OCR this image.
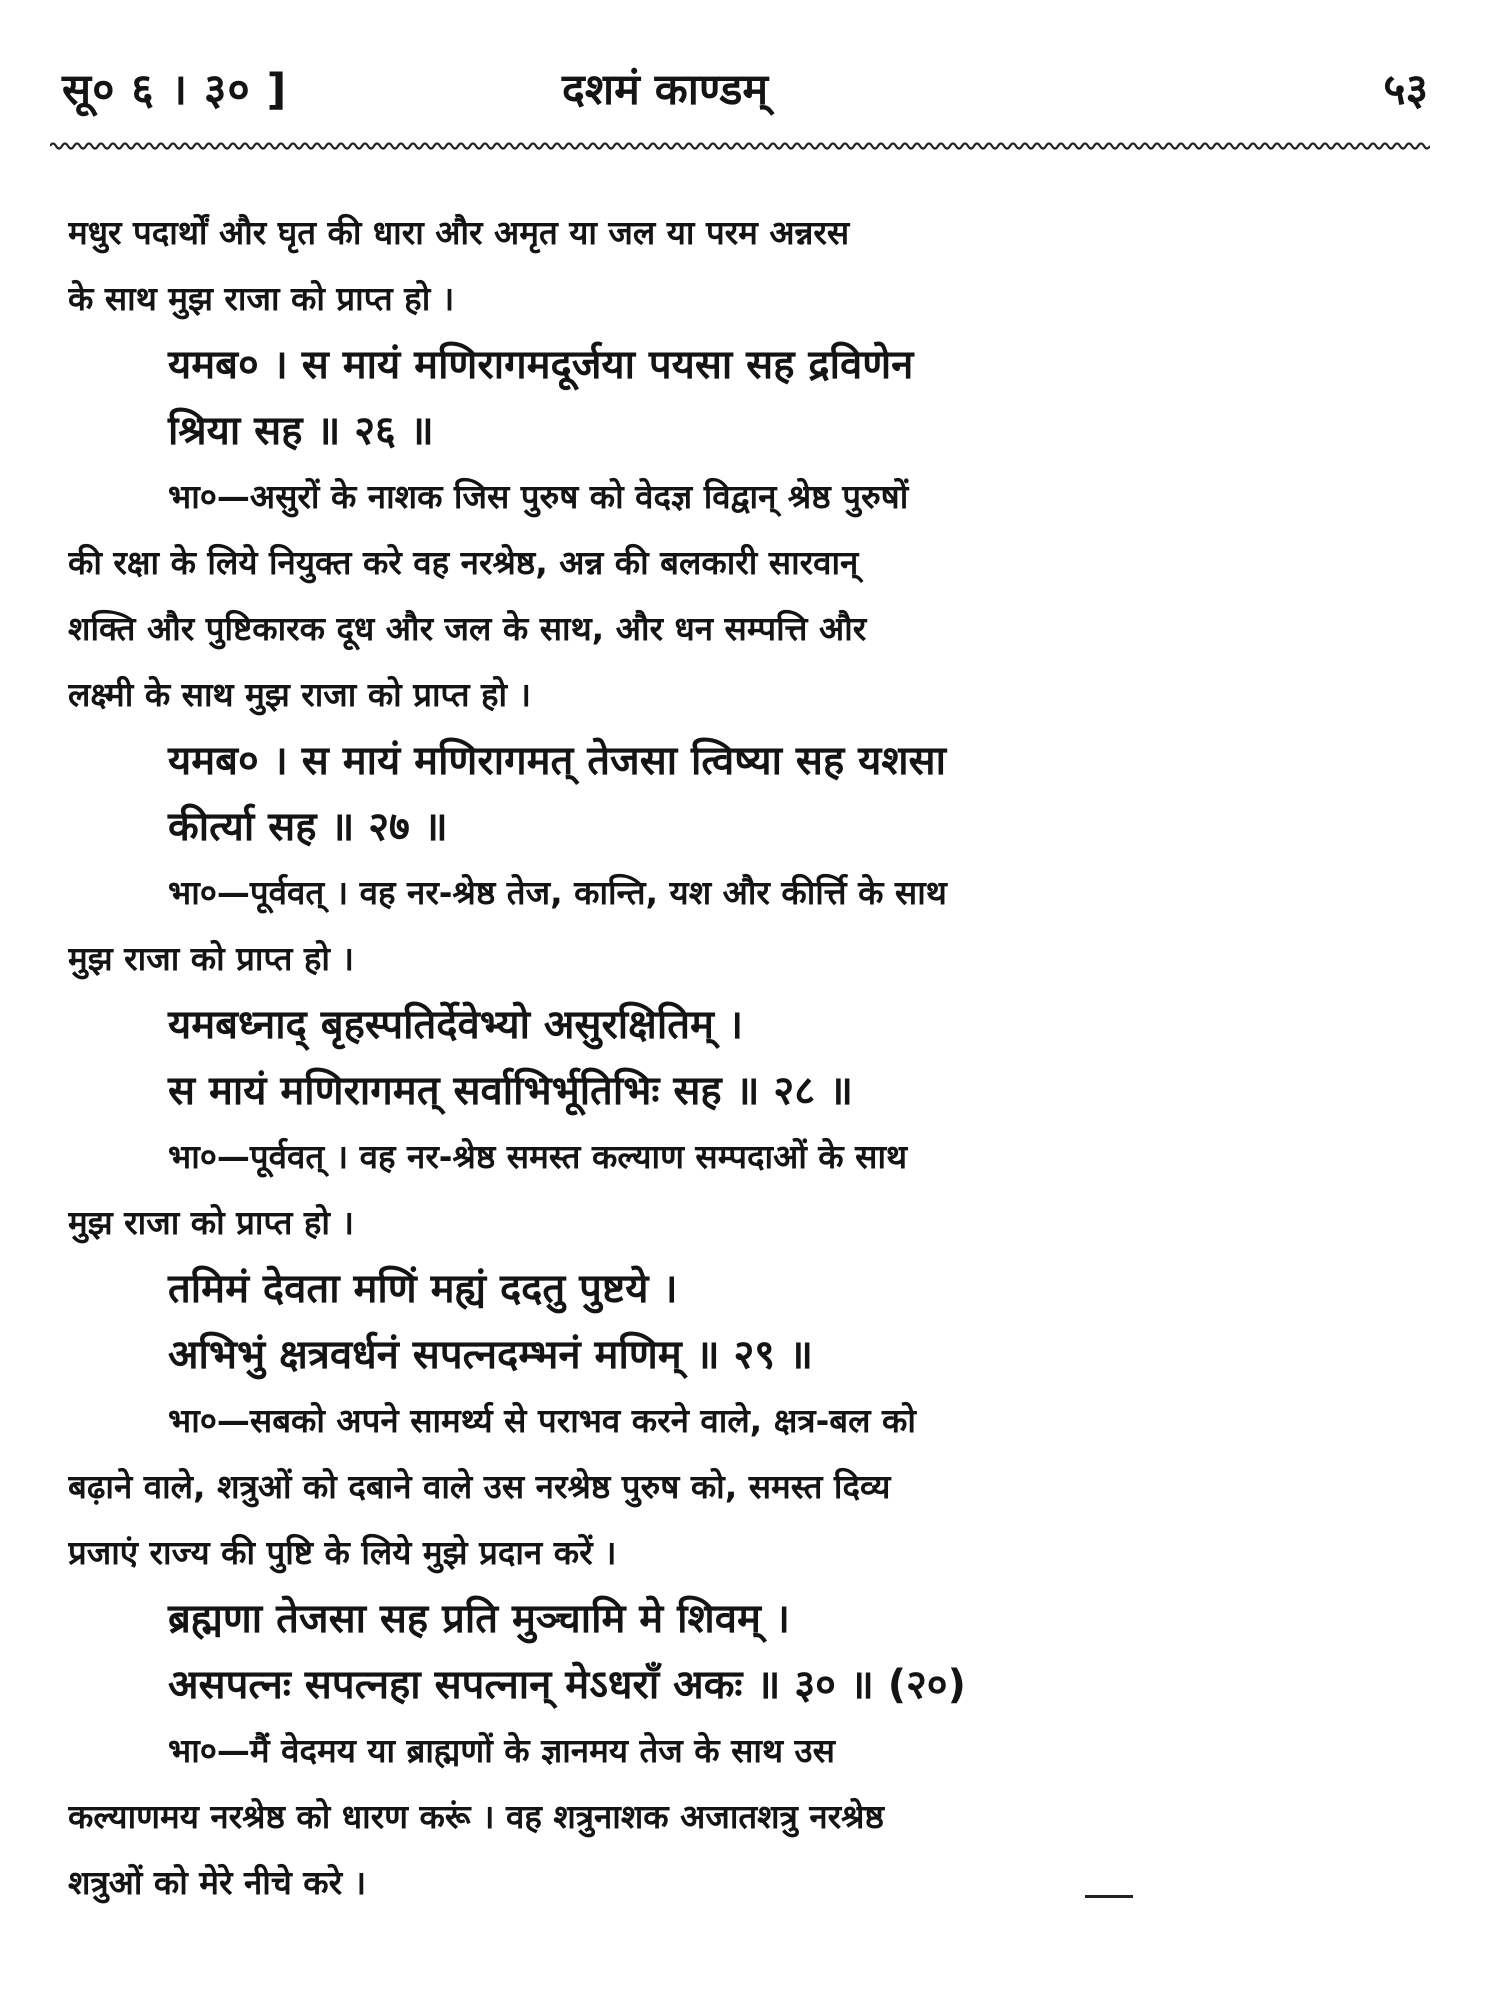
सू० ६ । ३० ]	दशमं काण्डम्	५३
मधुर पदार्थों और घृत की धारा और अमृत या जल या परम अन्नरस
के साथ मुझ राजा को प्राप्त हो ।
यमब० । स मायं मणिरागमदूर्जया पयसा सह द्रविणेन
श्रिया सह ॥ २६ ॥
भा०—असुरों के नाशक जिस पुरुष को वेदज्ञ विद्वान् श्रेष्ठ पुरुषों
की रक्षा के लिये नियुक्त करे वह नरश्रेष्ठ, अन्न की बलकारी सारवान्
शक्ति और पुष्टिकारक दूध और जल के साथ, और धन सम्पत्ति और
लक्ष्मी के साथ मुझ राजा को प्राप्त हो ।
यमब० । स मायं मणिरागमत् तेजसा त्विष्या सह यशसा
कीर्त्या सह ॥ २७ ॥
भा०—पूर्ववत् । वह नर-श्रेष्ठ तेज, कान्ति, यश और कीर्त्ति के साथ
मुझ राजा को प्राप्त हो ।
यमबध्नाद् बृहस्पतिर्देवेभ्यो असुरक्षितिम् ।
स मायं मणिरागमत् सर्वाभिर्भूतिभिः सह ॥ २८ ॥
भा०—पूर्ववत् । वह नर-श्रेष्ठ समस्त कल्याण सम्पदाओं के साथ
मुझ राजा को प्राप्त हो ।
तमिमं देवता मणिं मह्यं ददतु पुष्टये ।
अभिभुं क्षत्रवर्धनं सपत्नदम्भनं मणिम् ॥ २९ ॥
भा०—सबको अपने सामर्थ्य से पराभव करने वाले, क्षत्र-बल को
बढ़ाने वाले, शत्रुओं को दबाने वाले उस नरश्रेष्ठ पुरुष को, समस्त दिव्य
प्रजाएं राज्य की पुष्टि के लिये मुझे प्रदान करें ।
ब्रह्मणा तेजसा सह प्रति मुञ्चामि मे शिवम् ।
असपत्नः सपत्नहा सपत्नान् मेऽधराँ अकः ॥ ३० ॥ (२०)
भा०—मैं वेदमय या ब्राह्मणों के ज्ञानमय तेज के साथ उस
कल्याणमय नरश्रेष्ठ को धारण करूं । वह शत्रुनाशक अजातशत्रु नरश्रेष्ठ
शत्रुओं को मेरे नीचे करे ।
